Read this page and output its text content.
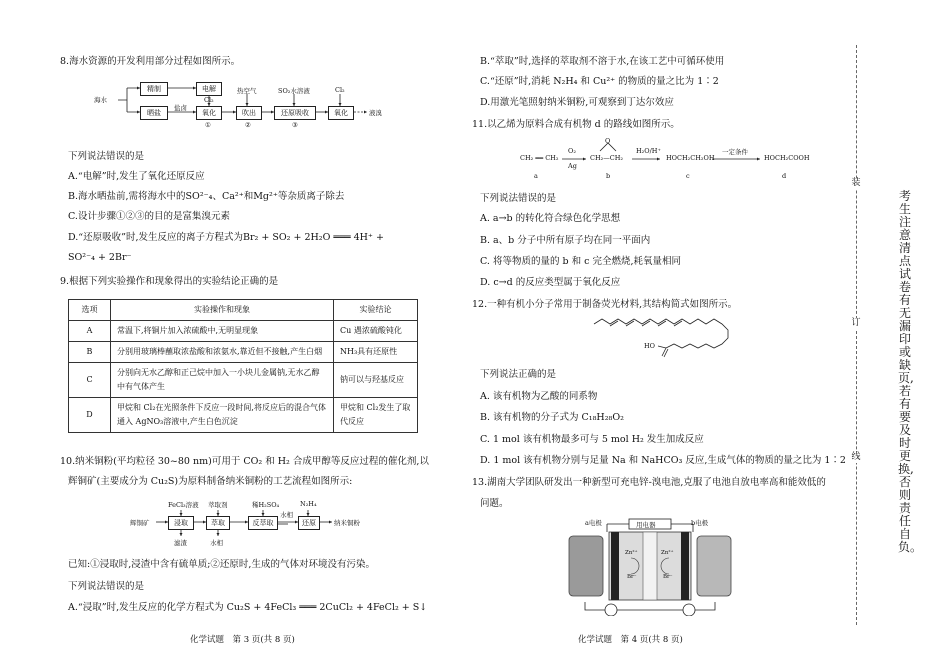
8.海水资源的开发利用部分过程如图所示。
海水
精制	电解
Cl₂
晒盐
盐卤
氧化
热空气
吹出
SO₂水溶液
还原吸收
Cl₂
氧化	液溴
①	②	③
下列说法错误的是
A.“电解”时,发生了氧化还原反应
B.海水晒盐前,需将海水中的SO²⁻₄、Ca²⁺和Mg²⁺等杂质离子除去
C.设计步骤①②③的目的是富集溴元素
D.“还原吸收”时,发生反应的离子方程式为Br₂ + SO₂ + 2H₂O ═══ 4H⁺ +
SO²⁻₄ + 2Br⁻
9.根据下列实验操作和现象得出的实验结论正确的是
选项	实验操作和现象	实验结论
A	常温下,将铜片加入浓硫酸中,无明显现象	Cu 遇浓硫酸钝化
B	分别用玻璃棒蘸取浓盐酸和浓氨水,靠近但不接触,产生白烟	NH₃具有还原性
C	分别向无水乙醇和正己烷中加入一小块儿金属钠,无水乙醇中有气体产生	钠可以与羟基反应
D	甲烷和 Cl₂在光照条件下反应一段时间,将反应后的混合气体通入 AgNO₃溶液中,产生白色沉淀	甲烷和 Cl₂发生了取代反应
10.纳米铜粉(平均粒径 30~80 nm)可用于 CO₂ 和 H₂ 合成甲醇等反应过程的催化剂,以
辉铜矿(主要成分为 Cu₂S)为原料制备纳米铜粉的工艺流程如图所示:
辉铜矿
FeCl₃溶液
浸取
滤渣
萃取剂
萃取
水相
稀H₂SO₄
反萃取
水相
N₂H₄
还原	纳米铜粉
已知:①浸取时,浸渣中含有硫单质;②还原时,生成的气体对环境没有污染。
下列说法错误的是
A.“浸取”时,发生反应的化学方程式为 Cu₂S + 4FeCl₃ ═══ 2CuCl₂ + 4FeCl₂ + S↓
化学试题　第 3 页(共 8 页)
B.“萃取”时,选择的萃取剂不溶于水,在该工艺中可循环使用
C.“还原”时,消耗 N₂H₄ 和 Cu²⁺ 的物质的量之比为 1∶2
D.用激光笔照射纳米铜粉,可观察到丁达尔效应
11.以乙烯为原料合成有机物 d 的路线如图所示。
CH₂ ══ CH₂
O₂
Ag
O
CH₂—CH₂
H₂O/H⁺
HOCH₂CH₂OH
一定条件
HOCH₂COOH
a	b	c	d
下列说法错误的是
A. a→b 的转化符合绿色化学思想
B. a、b 分子中所有原子均在同一平面内
C. 将等物质的量的 b 和 c 完全燃烧,耗氧量相同
D. c→d 的反应类型属于氧化反应
12.一种有机小分子常用于制备荧光材料,其结构简式如图所示。
HO
下列说法正确的是
A. 该有机物为乙酸的同系物
B. 该有机物的分子式为 C₁₈H₂₈O₂
C. 1 mol 该有机物最多可与 5 mol H₂ 发生加成反应
D. 1 mol 该有机物分别与足量 Na 和 NaHCO₃ 反应,生成气体的物质的量之比为 1∶2
13.湖南大学团队研发出一种新型可充电锌-溴电池,克服了电池自放电率高和能效低的
问题。
a电极	用电器	b电极
Zn²⁺
Br⁻
Zn²⁺
Br⁻
化学试题　第 4 页(共 8 页)
装
订
线
考生注意清点试卷有无漏印或缺页,若有要及时更换,否则责任自负。
